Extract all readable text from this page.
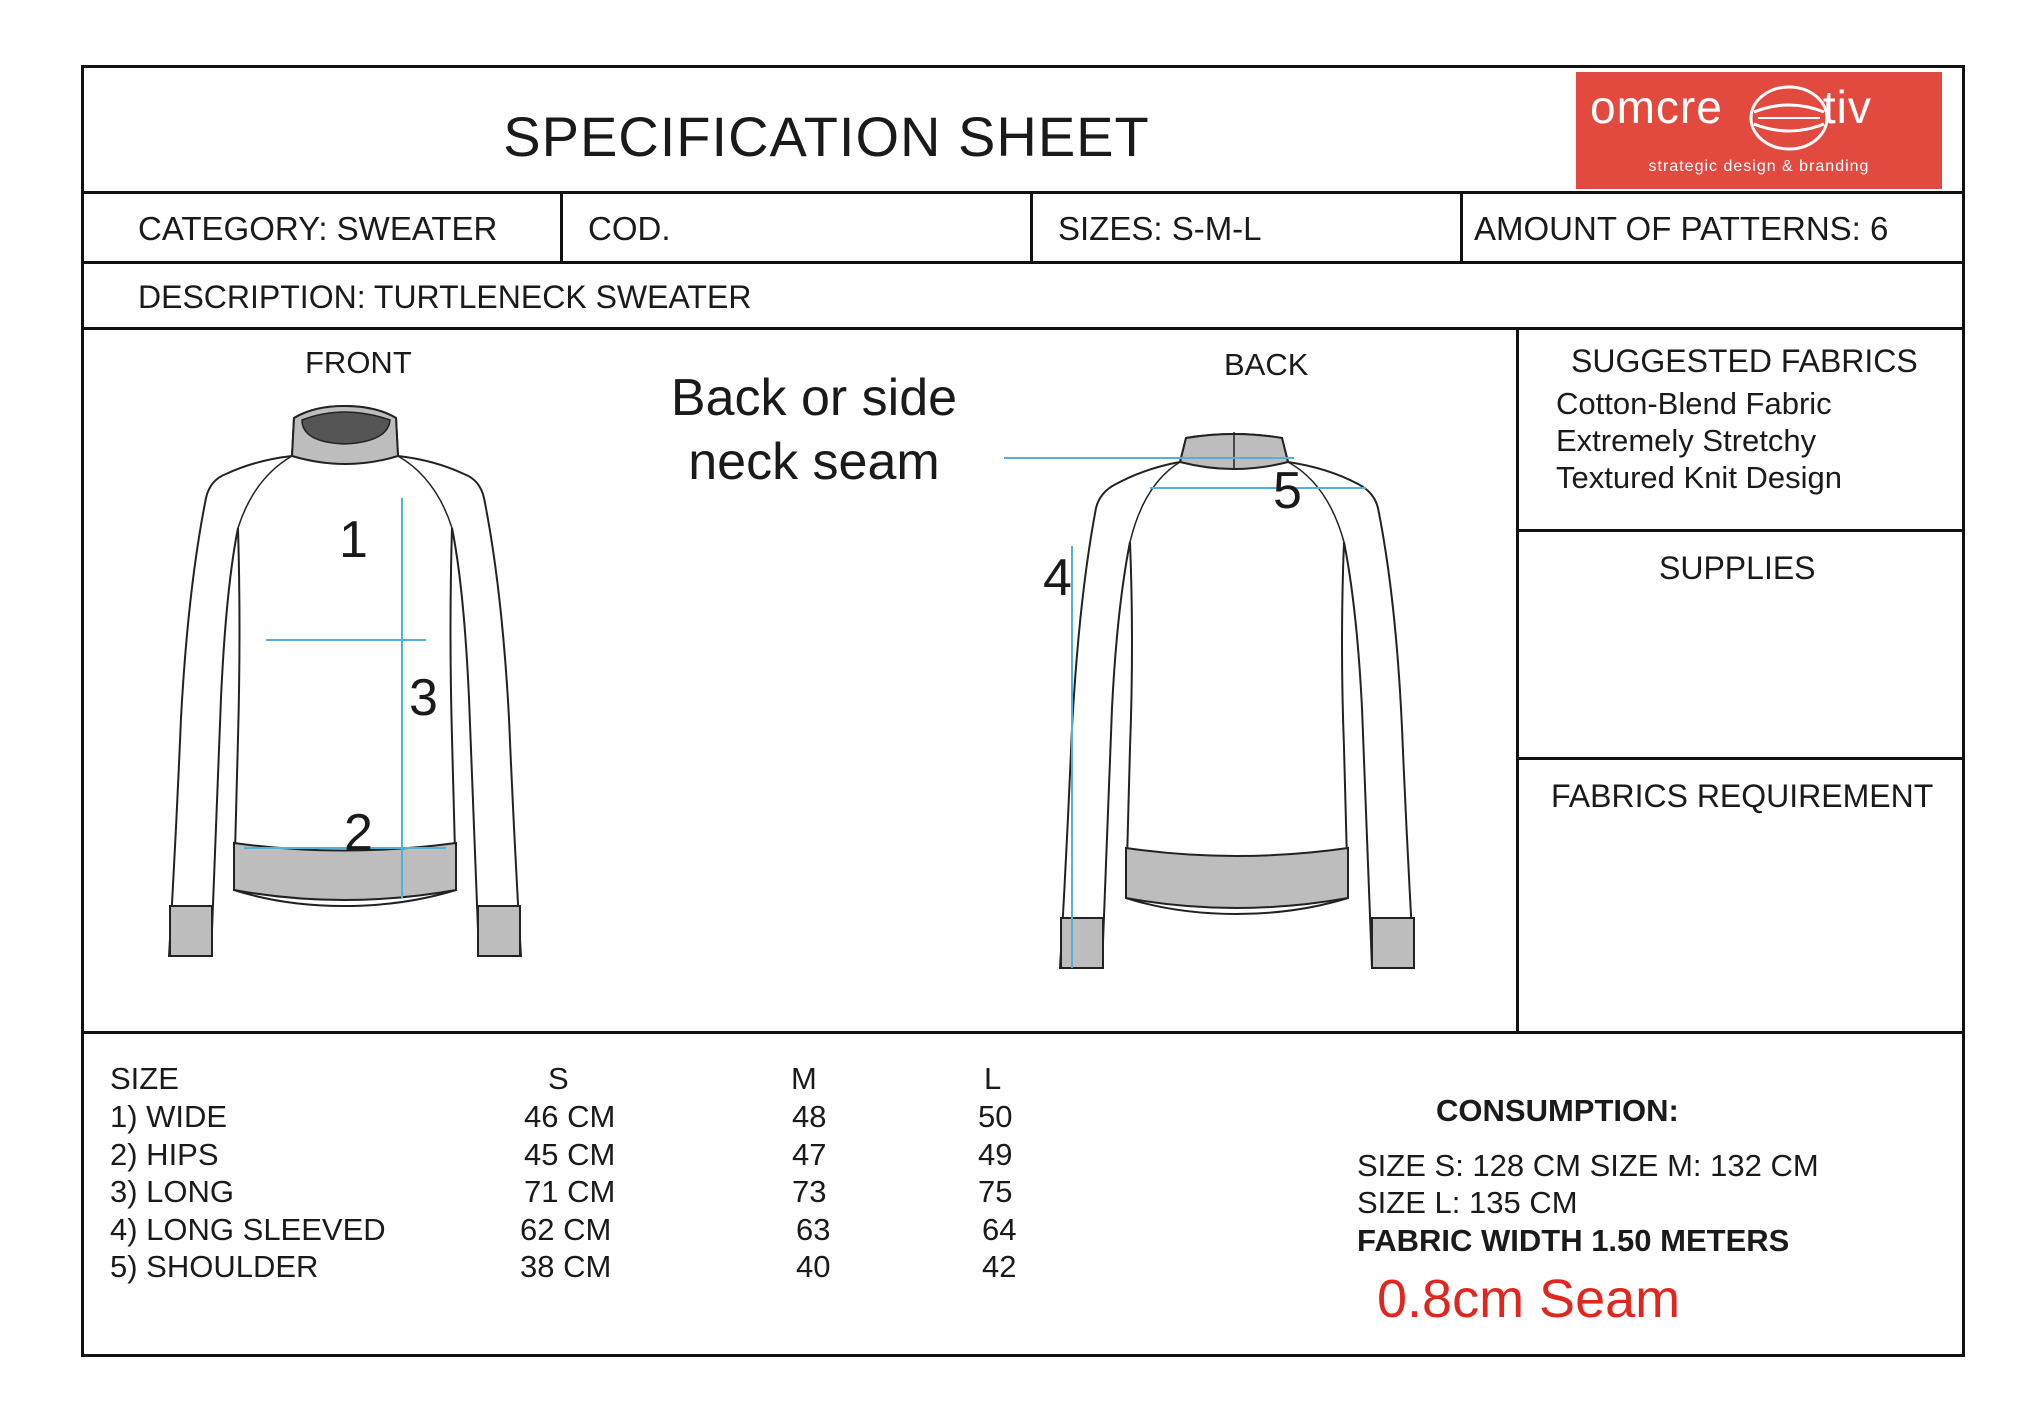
SPECIFICATION SHEET	omcre tiv
strategic design & branding
CATEGORY: SWEATER	COD.	SIZES: S-M-L	AMOUNT OF PATTERNS: 6
DESCRIPTION: TURTLENECK SWEATER
FRONT	BACK
Back or side neck seam
1
2
3
5
4
SUGGESTED FABRICS
Cotton-Blend Fabric
Extremely Stretchy
Textured Knit Design
SUPPLIES
FABRICS REQUIREMENT
SIZE	S	M	L
1) WIDE	46 CM	48	50
2) HIPS	45 CM	47	49
3) LONG	71 CM	73	75
4) LONG SLEEVED	62 CM	63	64
5) SHOULDER	38 CM	40	42
CONSUMPTION:
SIZE S: 128 CM SIZE M: 132 CM
SIZE L: 135 CM
FABRIC WIDTH 1.50 METERS
0.8cm Seam
